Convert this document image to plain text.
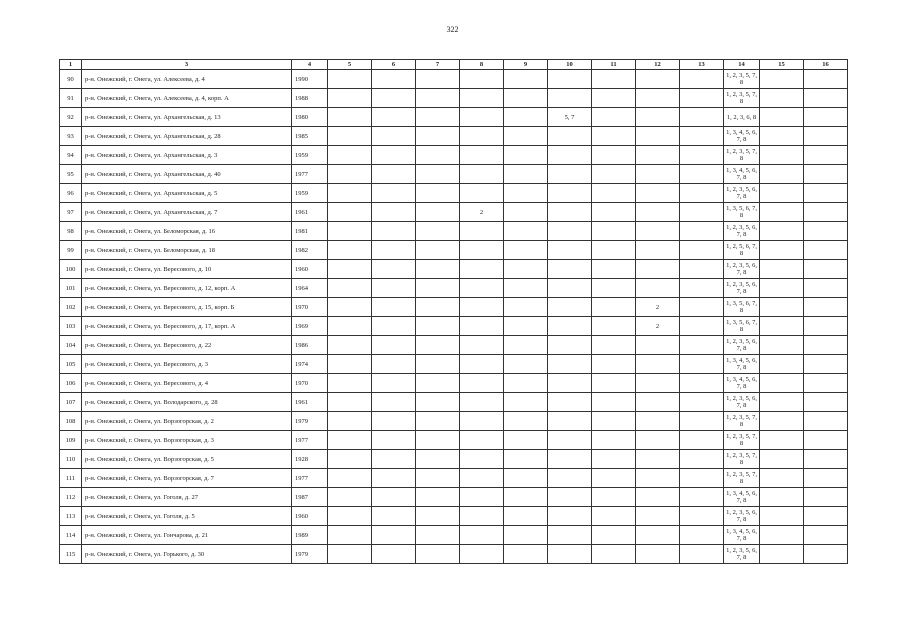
322
1	3	4	5	6	7	8	9	10	11	12	13	14	15	16
90	р-н. Онежский, г. Онега, ул. Алексеева, д. 4	1990										1, 2, 3, 5, 7,
8		
91	р-н. Онежский, г. Онега, ул. Алексеева, д. 4, корп. А	1988										1, 2, 3, 5, 7,
8		
92	р-н. Онежский, г. Онега, ул. Архангельская, д. 13	1980						5, 7				1, 2, 3, 6, 8		
93	р-н. Онежский, г. Онега, ул. Архангельская, д. 28	1985										1, 3, 4, 5, 6,
7, 8		
94	р-н. Онежский, г. Онега, ул. Архангельская, д. 3	1959										1, 2, 3, 5, 7,
8		
95	р-н. Онежский, г. Онега, ул. Архангельская, д. 40	1977										1, 3, 4, 5, 6,
7, 8		
96	р-н. Онежский, г. Онега, ул. Архангельская, д. 5	1959										1, 2, 3, 5, 6,
7, 8		
97	р-н. Онежский, г. Онега, ул. Архангельская, д. 7	1961				2						1, 3, 5, 6, 7,
8		
98	р-н. Онежский, г. Онега, ул. Беломорская, д. 16	1981										1, 2, 3, 5, 6,
7, 8		
99	р-н. Онежский, г. Онега, ул. Беломорская, д. 18	1982										1, 2, 5, 6, 7,
8		
100	р-н. Онежский, г. Онега, ул. Вересового, д. 10	1960										1, 2, 3, 5, 6,
7, 8		
101	р-н. Онежский, г. Онега, ул. Вересового, д. 12, корп. А	1964										1, 2, 3, 5, 6,
7, 8		
102	р-н. Онежский, г. Онега, ул. Вересового, д. 15, корп. Б	1970								2		1, 3, 5, 6, 7,
8		
103	р-н. Онежский, г. Онега, ул. Вересового, д. 17, корп. А	1969								2		1, 3, 5, 6, 7,
8		
104	р-н. Онежский, г. Онега, ул. Вересового, д. 22	1986										1, 2, 3, 5, 6,
7, 8		
105	р-н. Онежский, г. Онега, ул. Вересового, д. 3	1974										1, 3, 4, 5, 6,
7, 8		
106	р-н. Онежский, г. Онега, ул. Вересового, д. 4	1970										1, 3, 4, 5, 6,
7, 8		
107	р-н. Онежский, г. Онега, ул. Володарского, д. 28	1961										1, 2, 3, 5, 6,
7, 8		
108	р-н. Онежский, г. Онега, ул. Ворзогорская, д. 2	1979										1, 2, 3, 5, 7,
8		
109	р-н. Онежский, г. Онега, ул. Ворзогорская, д. 3	1977										1, 2, 3, 5, 7,
8		
110	р-н. Онежский, г. Онега, ул. Ворзогорская, д. 5	1928										1, 2, 3, 5, 7,
8		
111	р-н. Онежский, г. Онега, ул. Ворзогорская, д. 7	1977										1, 2, 3, 5, 7,
8		
112	р-н. Онежский, г. Онега, ул. Гоголя, д. 27	1987										1, 3, 4, 5, 6,
7, 8		
113	р-н. Онежский, г. Онега, ул. Гоголя, д. 5	1960										1, 2, 3, 5, 6,
7, 8		
114	р-н. Онежский, г. Онега, ул. Гончарова, д. 21	1989										1, 3, 4, 5, 6,
7, 8		
115	р-н. Онежский, г. Онега, ул. Горького, д. 30	1979										1, 2, 3, 5, 6,
7, 8		
